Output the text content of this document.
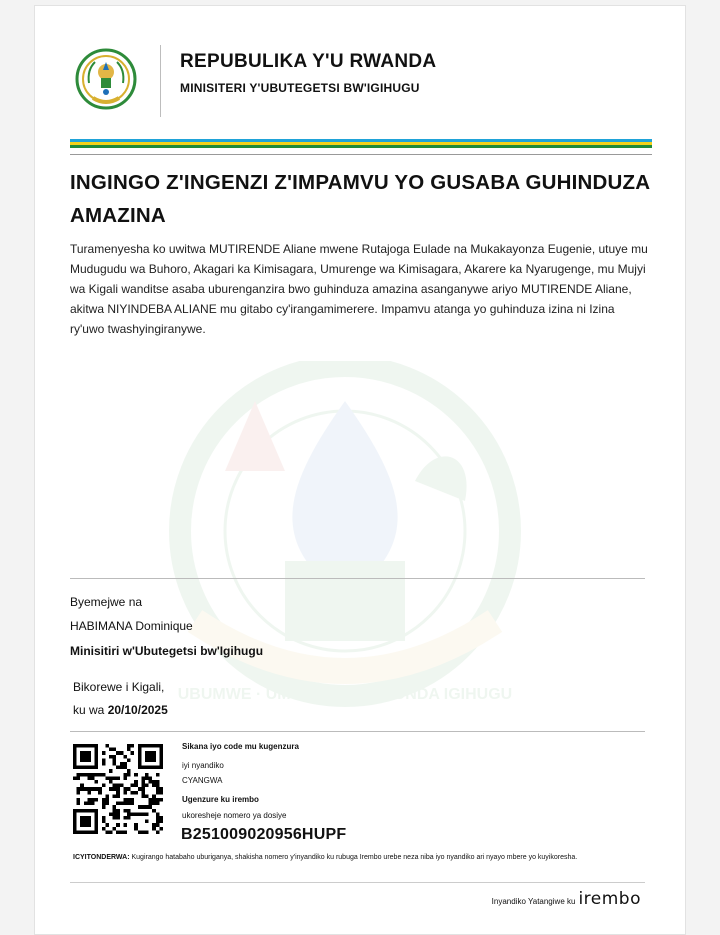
UBUMWE · UMURIMO · GUKUNDA IGIHUGU
REPUBULIKA Y'U RWANDA
MINISITERI Y'UBUTEGETSI BW'IGIHUGU
INGINGO Z'INGENZI Z'IMPAMVU YO GUSABA GUHINDUZA AMAZINA
Turamenyesha ko uwitwa MUTIRENDE Aliane mwene Rutajoga Eulade na Mukakayonza Eugenie, utuye mu Mudugudu wa Buhoro, Akagari ka Kimisagara, Umurenge wa Kimisagara, Akarere ka Nyarugenge, mu Mujyi wa Kigali wanditse asaba uburenganzira bwo guhinduza amazina asanganywe ariyo MUTIRENDE Aliane, akitwa NIYINDEBA ALIANE mu gitabo cy'irangamimerere. Impamvu atanga yo guhinduza izina ni Izina ry'uwo twashyingiranywe.
Byemejwe na
HABIMANA Dominique
Minisitiri w'Ubutegetsi bw'Igihugu
Bikorewe i Kigali,
ku wa 20/10/2025
Sikana iyo code mu kugenzura
iyi nyandiko
CYANGWA
Ugenzure ku irembo
ukoresheje nomero ya dosiye
B251009020956HUPF
ICYITONDERWA: Kugirango hatabaho uburiganya, shakisha nomero y'inyandiko ku rubuga Irembo urebe neza niba iyo nyandiko ari nyayo mbere yo kuyikoresha.
Inyandiko Yatangiwe ku irembo
